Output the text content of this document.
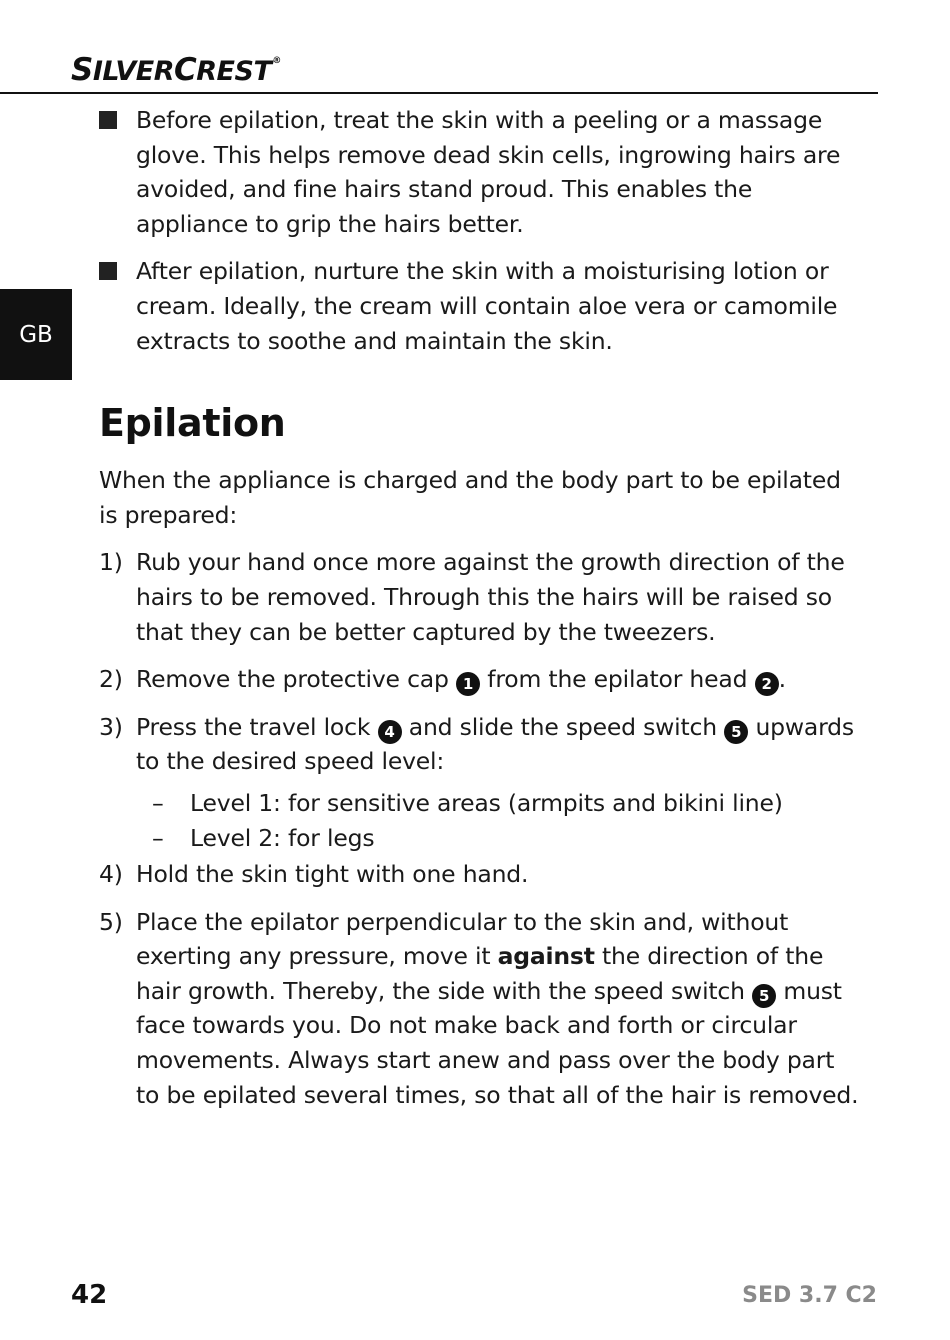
SILVERCREST®
GB
Before epilation, treat the skin with a peeling or a massage glove. This helps remove dead skin cells, ingrowing hairs are avoided, and fine hairs stand proud. This enables the appliance to grip the hairs better.
After epilation, nurture the skin with a moisturising lotion or cream. Ideally, the cream will contain aloe vera or camomile extracts to soothe and maintain the skin.
Epilation

When the appliance is charged and the body part to be epilated is prepared:

1) Rub your hand once more against the growth direction of the hairs to be removed. Through this the hairs will be raised so that they can be better captured by the tweezers.
2) Remove the protective cap 1 from the epilator head 2 .
3) Press the travel lock 4 and slide the speed switch 5 upwards to the desired speed level:

– Level 1: for sensitive areas (armpits and bikini line)

– Level 2: for legs

4) Hold the skin tight with one hand.
5) Place the epilator perpendicular to the skin and, without exerting any pressure, move it against the direction of the hair growth. Thereby, the side with the speed switch 5 must face towards you. Do not make back and forth or circular movements. Always start anew and pass over the body part to be epilated several times, so that all of the hair is removed.
42	SED 3.7 C2
